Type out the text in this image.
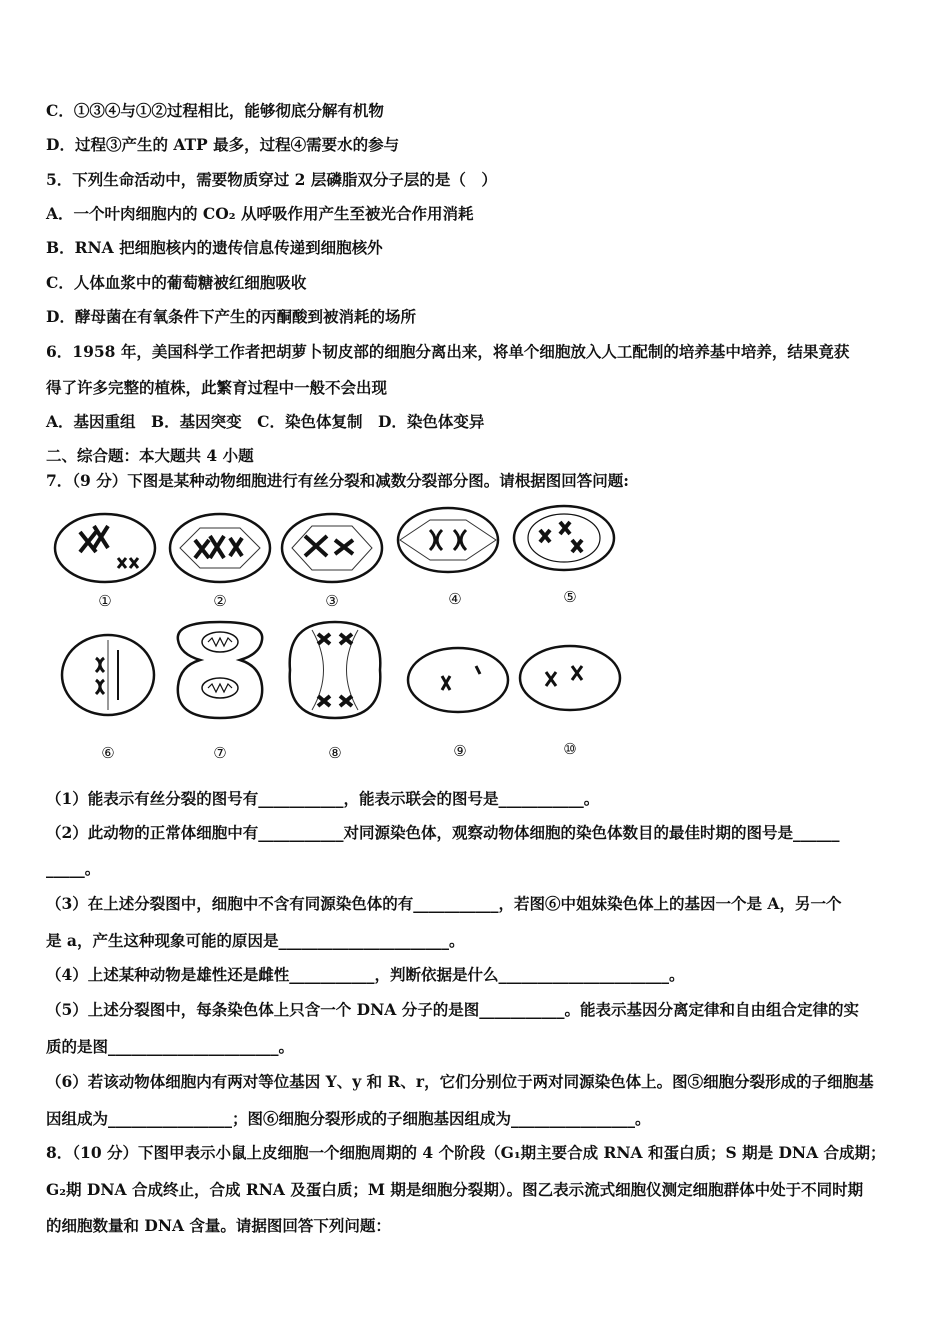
C．①③④与①②过程相比，能够彻底分解有机物
D．过程③产生的 ATP 最多，过程④需要水的参与
5．下列生命活动中，需要物质穿过 2 层磷脂双分子层的是（　）
A．一个叶肉细胞内的 CO₂ 从呼吸作用产生至被光合作用消耗
B．RNA 把细胞核内的遗传信息传递到细胞核外
C．人体血浆中的葡萄糖被红细胞吸收
D．酵母菌在有氧条件下产生的丙酮酸到被消耗的场所
6．1958 年，美国科学工作者把胡萝卜韧皮部的细胞分离出来，将单个细胞放入人工配制的培养基中培养，结果竟获
得了许多完整的植株，此繁育过程中一般不会出现
A．基因重组　B．基因突变　C．染色体复制　D．染色体变异
二、综合题：本大题共 4 小题
7．（9 分）下图是某种动物细胞进行有丝分裂和减数分裂部分图。请根据图回答问题:
①	②	③	④	⑤
⑥	⑦	⑧	⑨	⑩
（1）能表示有丝分裂的图号有___________，能表示联会的图号是___________。
（2）此动物的正常体细胞中有___________对同源染色体，观察动物体细胞的染色体数目的最佳时期的图号是______
_____。
（3）在上述分裂图中，细胞中不含有同源染色体的有___________，若图⑥中姐妹染色体上的基因一个是 A，另一个
是 a，产生这种现象可能的原因是______________________。
（4）上述某种动物是雄性还是雌性___________，判断依据是什么______________________。
（5）上述分裂图中，每条染色体上只含一个 DNA 分子的是图___________。能表示基因分离定律和自由组合定律的实
质的是图______________________。
（6）若该动物体细胞内有两对等位基因 Y、y 和 R、r，它们分别位于两对同源染色体上。图⑤细胞分裂形成的子细胞基
因组成为________________；图⑥细胞分裂形成的子细胞基因组成为________________。
8．（10 分）下图甲表示小鼠上皮细胞一个细胞周期的 4 个阶段（G₁期主要合成 RNA 和蛋白质；S 期是 DNA 合成期；
G₂期 DNA 合成终止，合成 RNA 及蛋白质；M 期是细胞分裂期）。图乙表示流式细胞仪测定细胞群体中处于不同时期
的细胞数量和 DNA 含量。请据图回答下列问题：
